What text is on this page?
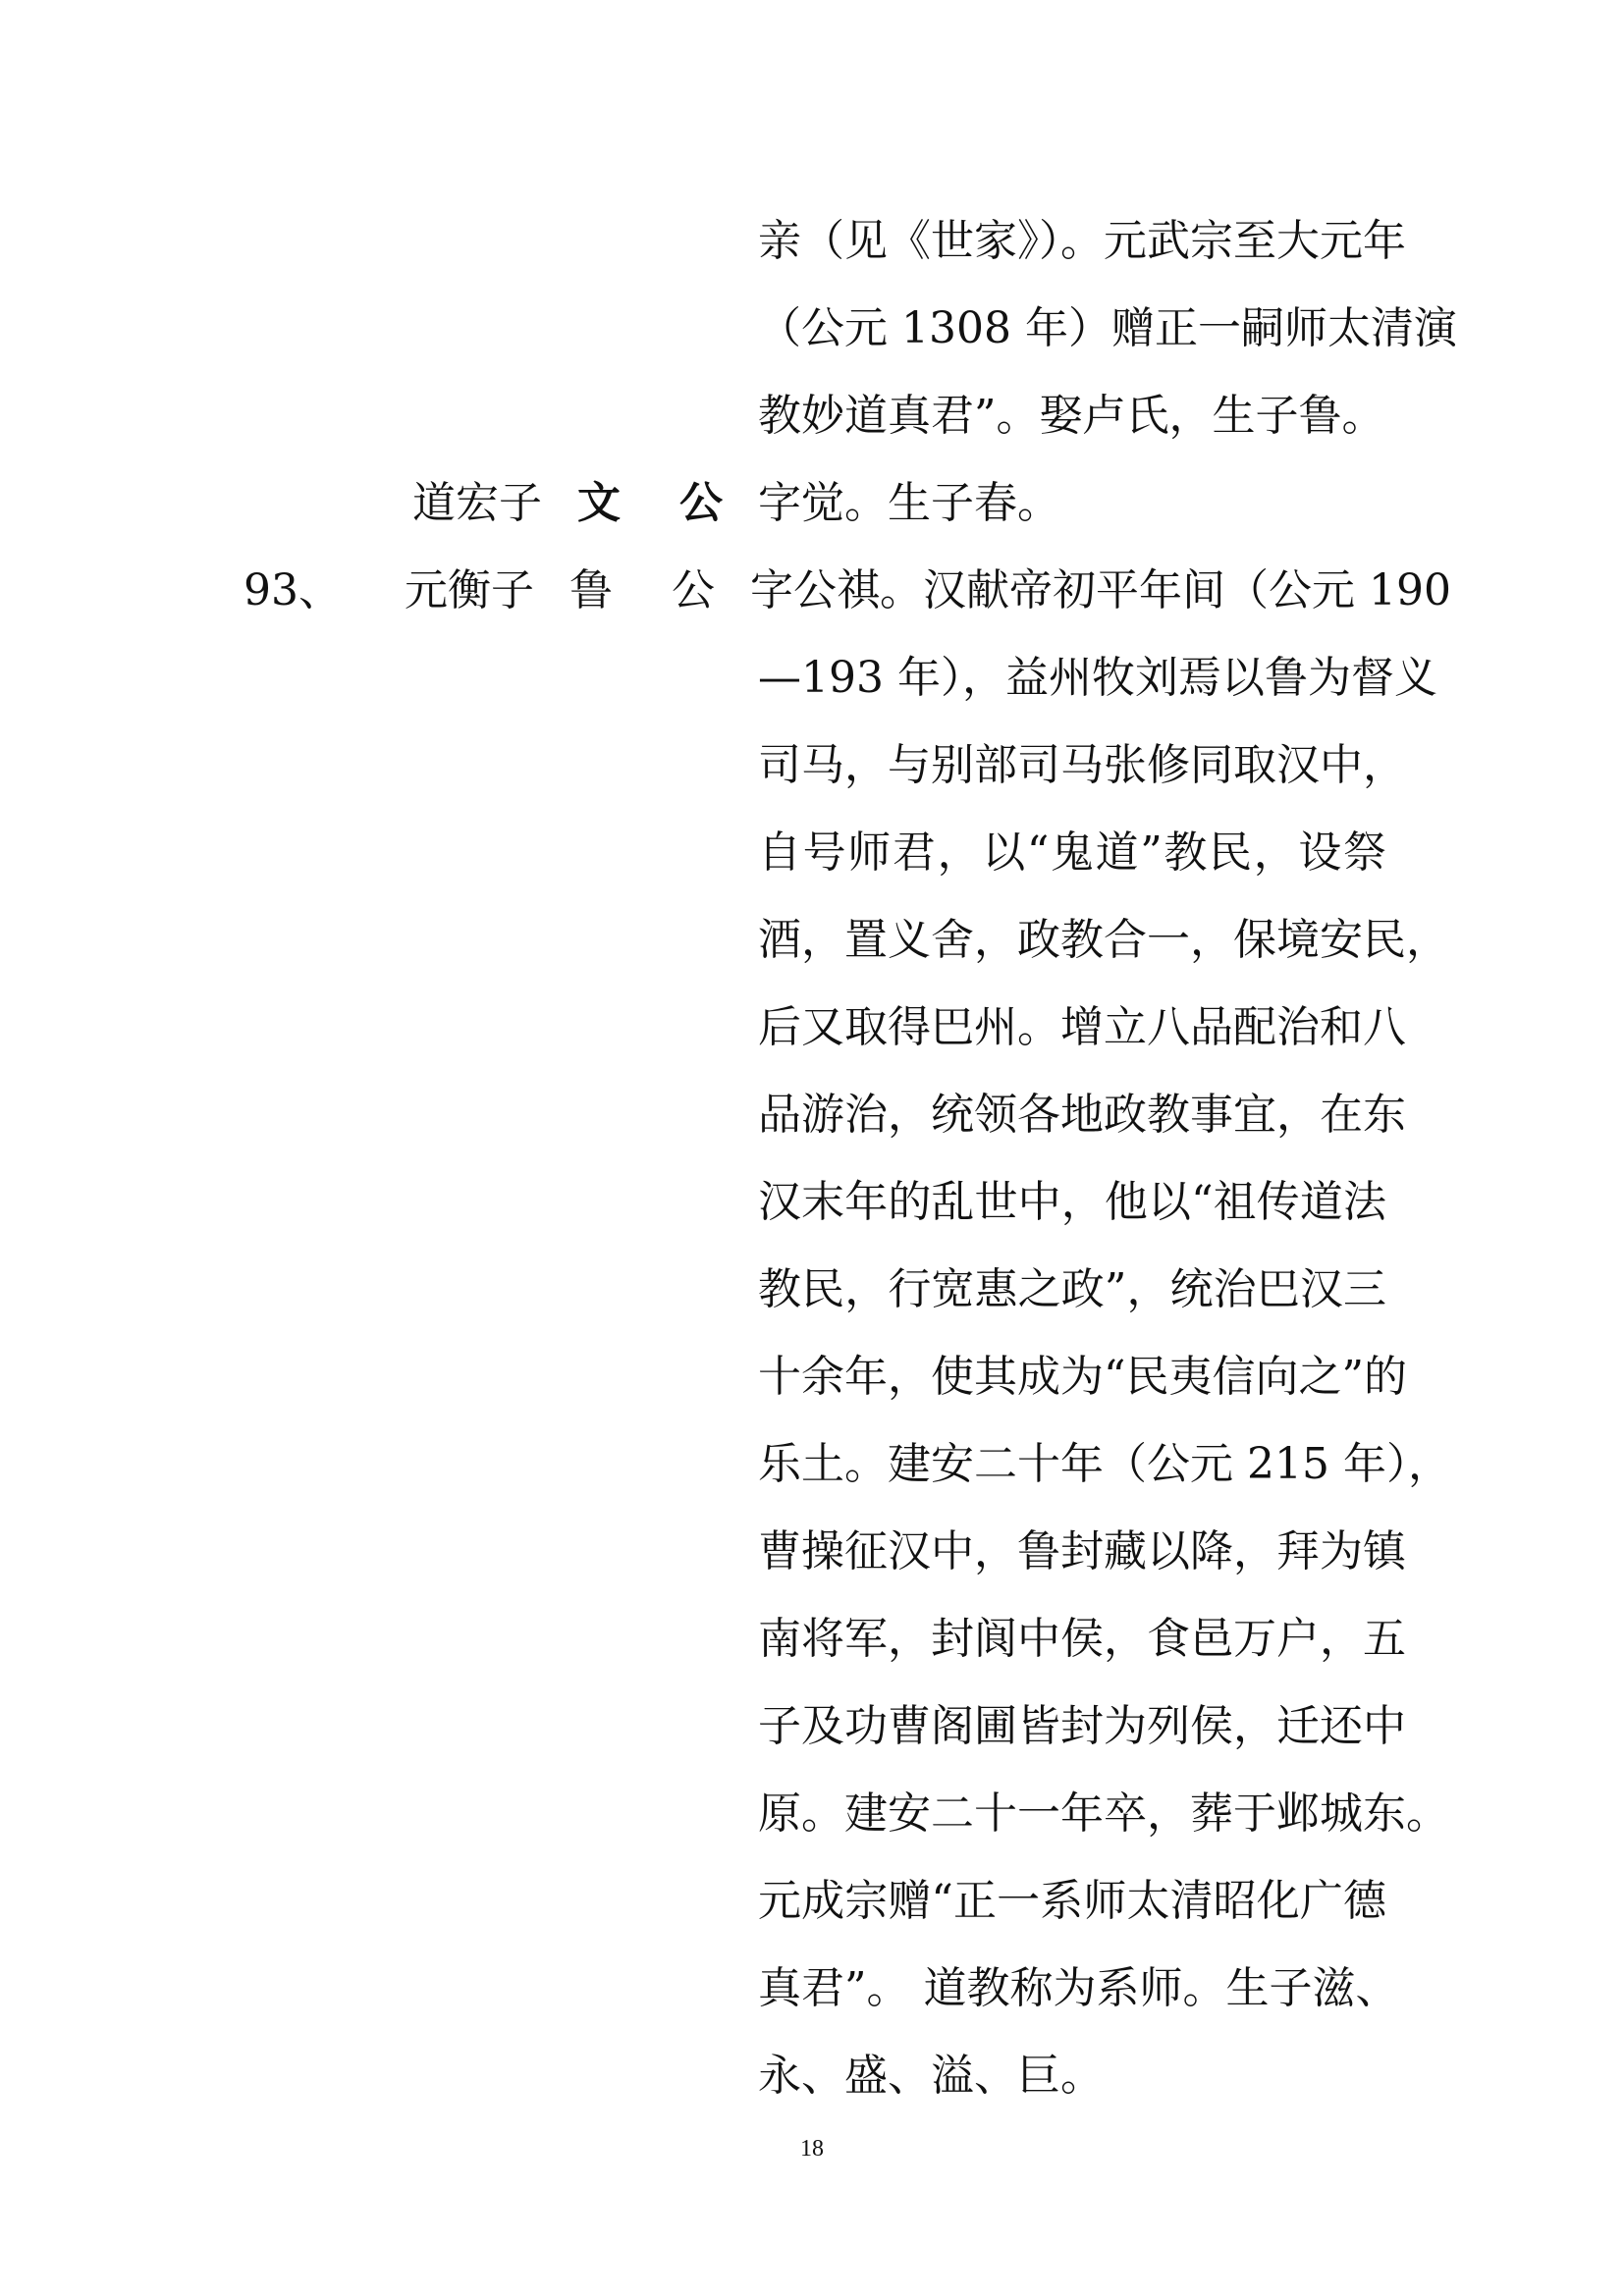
亲（见《世家》）。元武宗至大元年
（公元 1308 年）赠正一嗣师太清演
教妙道真君”。娶卢氏，生子鲁。
道宏子 文　公 字觉。生子春。
93、 元衡子 鲁　公 字公祺。汉献帝初平年间（公元 190
—193 年），益州牧刘焉以鲁为督义
司马，与别部司马张修同取汉中，
自号师君，以“鬼道”教民，设祭
酒，置义舍，政教合一，保境安民，
后又取得巴州。增立八品配治和八
品游治，统领各地政教事宜，在东
汉末年的乱世中，他以“祖传道法
教民，行宽惠之政”，统治巴汉三
十余年，使其成为“民夷信向之”的
乐土。建安二十年（公元 215 年），
曹操征汉中，鲁封藏以降，拜为镇
南将军，封阆中侯，食邑万户，五
子及功曹阁圃皆封为列侯，迁还中
原。建安二十一年卒，葬于邺城东。
元成宗赠“正一系师太清昭化广德
真君”。 道教称为系师。生子滋、
永、盛、溢、巨。
18
